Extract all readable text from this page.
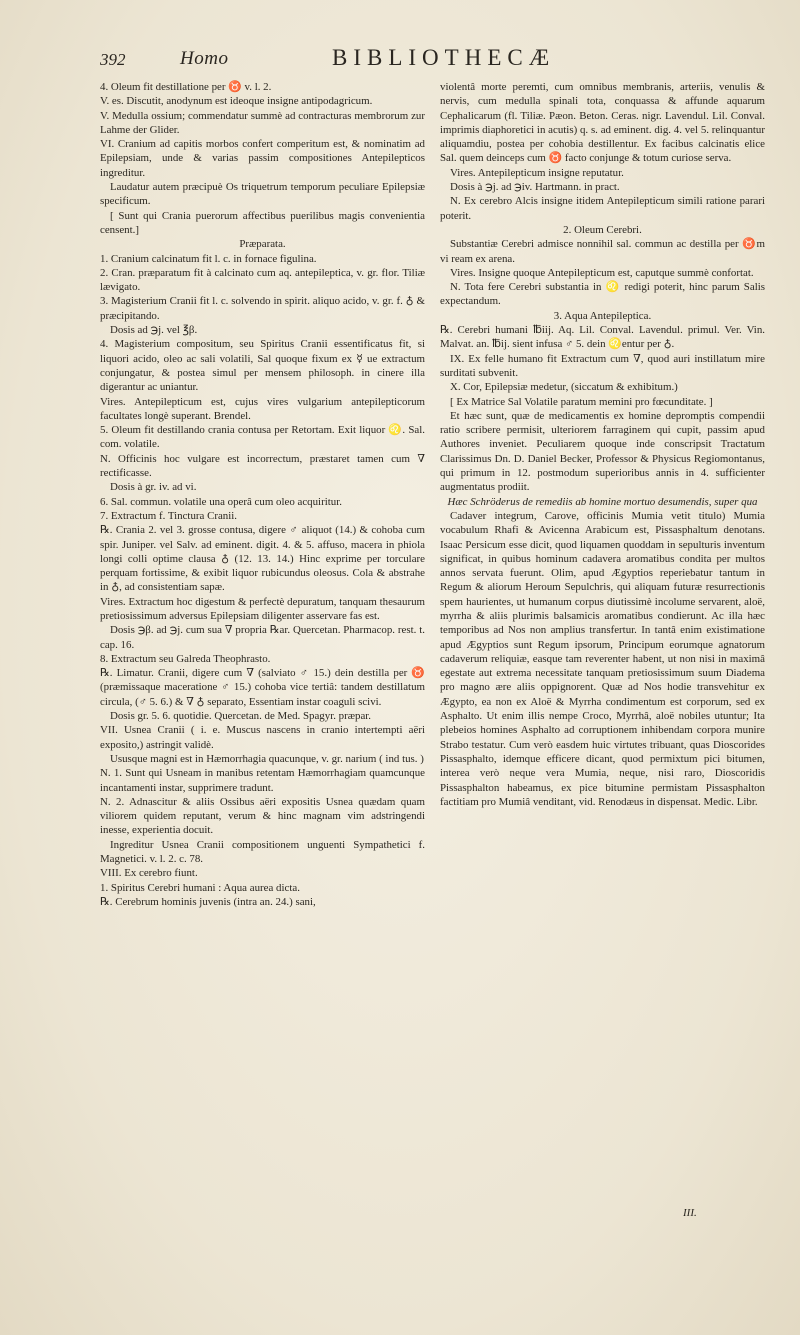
392	Homo	BIBLIOTHECÆ

4. Oleum fit destillatione per ♉ v. l. 2.

V. es. Discutit, anodynum est ideoque insigne antipodagricum.

V. Medulla ossium; commendatur summè ad contracturas membrorum zur Lahme der Glider.

VI. Cranium ad capitis morbos confert comperitum est, & nominatim ad Epilepsiam, unde & varias passim compositiones Antepilepticos ingreditur.

Laudatur autem præcipuè Os triquetrum temporum peculiare Epilepsiæ specificum.

[ Sunt qui Crania puerorum affectibus puerilibus magis convenientia censent.]

Præparata.

1. Cranium calcinatum fit l. c. in fornace figulina.

2. Cran. præparatum fit à calcinato cum aq. antepileptica, v. gr. flor. Tiliæ lævigato.

3. Magisterium Cranii fit l. c. solvendo in spirit. aliquo acido, v. gr. f. ♁ & præcipitando.

Dosis ad ℈j. vel ℥β.

4. Magisterium compositum, seu Spiritus Cranii essentificatus fit, si liquori acido, oleo ac sali volatili, Sal quoque fixum ex ☿ ue extractum conjungatur, & postea simul per mensem philosoph. in cinere illa digerantur ac uniantur.

Vires. Antepilepticum est, cujus vires vulgarium antepilepticorum facultates longè superant. Brendel.

5. Oleum fit destillando crania contusa per Retortam. Exit liquor ♌. Sal. com. volatile.

N. Officinis hoc vulgare est incorrectum, præstaret tamen cum ∇ rectificasse.

Dosis à gr. iv. ad vi.

6. Sal. commun. volatile una operâ cum oleo acquiritur.

7. Extractum f. Tinctura Cranii.

℞. Crania 2. vel 3. grosse contusa, digere ♂ aliquot (14.) & cohoba cum spir. Juniper. vel Salv. ad eminent. digit. 4. & 5. affuso, macera in phiola longi colli optime clausa ♁ (12. 13. 14.) Hinc exprime per torculare perquam fortissime, & exibit liquor rubicundus oleosus. Cola & abstrahe in ♁, ad consistentiam sapæ.

Vires. Extractum hoc digestum & perfectè depuratum, tanquam thesaurum pretiosissimum adversus Epilepsiam diligenter asservare fas est.

Dosis ℈β. ad ℈j. cum sua ∇ propria ℞ar. Quercetan. Pharmacop. rest. t. cap. 16.

8. Extractum seu Galreda Theophrasto.

℞. Limatur. Cranii, digere cum ∇ (salviato ♂ 15.) dein destilla per ♉ (præmissaque maceratione ♂ 15.) cohoba vice tertiâ: tandem destillatum circula, (♂ 5. 6.) & ∇ ♁ separato, Essentiam instar coaguli scivi.

Dosis gr. 5. 6. quotidie. Quercetan. de Med. Spagyr. præpar.

VII. Usnea Cranii ( i. e. Muscus nascens in cranio intertempti aëri exposito,) astringit validè.

Ususque magni est in Hæmorrhagia quacunque, v. gr. narium ( ind tus. )

N. 1. Sunt qui Usneam in manibus retentam Hæmorrhagiam quamcunque incantamenti instar, supprimere tradunt.

N. 2. Adnascitur & aliis Ossibus aëri expositis Usnea quædam quam viliorem quidem reputant, verum & hinc magnam vim adstringendi inesse, experientia docuit.

Ingreditur Usnea Cranii compositionem unguenti Sympathetici f. Magnetici. v. l. 2. c. 78.

VIII. Ex cerebro fiunt.

1. Spiritus Cerebri humani : Aqua aurea dicta.

℞. Cerebrum hominis juvenis (intra an. 24.) sani,

violentâ morte peremti, cum omnibus membranis, arteriis, venulis & nervis, cum medulla spinali tota, conquassa & affunde aquarum Cephalicarum (fl. Tiliæ. Pæon. Beton. Ceras. nigr. Lavendul. Lil. Conval. imprimis diaphoretici in acutis) q. s. ad eminent. dig. 4. vel 5. relinquantur aliquamdiu, postea per cohobia destillentur. Ex facibus calcinatis elice Sal. quem deinceps cum ♉ facto conjunge & totum curiose serva.

Vires. Antepilepticum insigne reputatur.

Dosis à ℈j. ad ℈iv. Hartmann. in pract.

N. Ex cerebro Alcis insigne itidem Antepilepticum simili ratione parari poterit.

2. Oleum Cerebri.

Substantiæ Cerebri admisce nonnihil sal. commun ac destilla per ♉m vi ream ex arena.

Vires. Insigne quoque Antepilepticum est, caputque summè confortat.

N. Tota fere Cerebri substantia in ♌ redigi poterit, hinc parum Salis expectandum.

3. Aqua Antepileptica.

℞. Cerebri humani ℔iij. Aq. Lil. Conval. Lavendul. primul. Ver. Vin. Malvat. an. ℔ij. sient infusa ♂ 5. dein ♌entur per ♁.

IX. Ex felle humano fit Extractum cum ∇, quod auri instillatum mire surditati subvenit.

X. Cor, Epilepsiæ medetur, (siccatum & exhibitum.)

[ Ex Matrice Sal Volatile paratum memini pro fœcunditate. ]

Et hæc sunt, quæ de medicamentis ex homine depromptis compendii ratio scribere permisit, ulteriorem farraginem qui cupit, passim apud Authores inveniet. Peculiarem quoque inde conscripsit Tractatum Clarissimus Dn. D. Daniel Becker, Professor & Physicus Regiomontanus, qui primum in 12. postmodum superioribus annis in 4. sufficienter augmentatus prodiit.

Hæc Schröderus de remediis ab homine mortuo desumendis, super qua

Cadaver integrum, Carove, officinis Mumia vetit titulo) Mumia vocabulum Rhafi & Avicenna Arabicum est, Pissasphaltum denotans. Isaac Persicum esse dicit, quod liquamen quoddam in sepulturis inventum significat, in quibus hominum cadavera aromatibus condita per multos annos servata fuerunt. Olim, apud Ægyptios reperiebatur tantum in Regum & aliorum Heroum Sepulchris, qui aliquam futuræ resurrectionis spem haurientes, ut humanum corpus diutissimè incolume servarent, aloë, myrrha & aliis plurimis balsamicis aromatibus condierunt. Ac illa hæc temporibus ad Nos non amplius transfertur. In tantâ enim existimatione apud Ægyptios sunt Regum ipsorum, Principum eorumque agnatorum cadaverum reliquiæ, easque tam reverenter habent, ut non nisi in maximâ egestate aut extrema necessitate tanquam pretiosissimum suum Diadema pro magno ære aliis oppignorent. Quæ ad Nos hodie transvehitur ex Ægypto, ea non ex Aloë & Myrrha condimentum est corporum, sed ex Asphalto. Ut enim illis nempe Croco, Myrrhâ, aloë nobiles utuntur; Ita plebeios homines Asphalto ad corruptionem inhibendam corpora munire Strabo testatur. Cum verò easdem huic virtutes tribuant, quas Dioscorides Pissasphalto, idemque efficere dicant, quod permixtum pici bitumen, interea verò neque vera Mumia, neque, nisi raro, Dioscoridis Pissasphalton habeamus, ex pice bitumine permistam Pissasphalton factitiam pro Mumiâ venditant, vid. Renodæus in dispensat. Medic. Libr.

III.
